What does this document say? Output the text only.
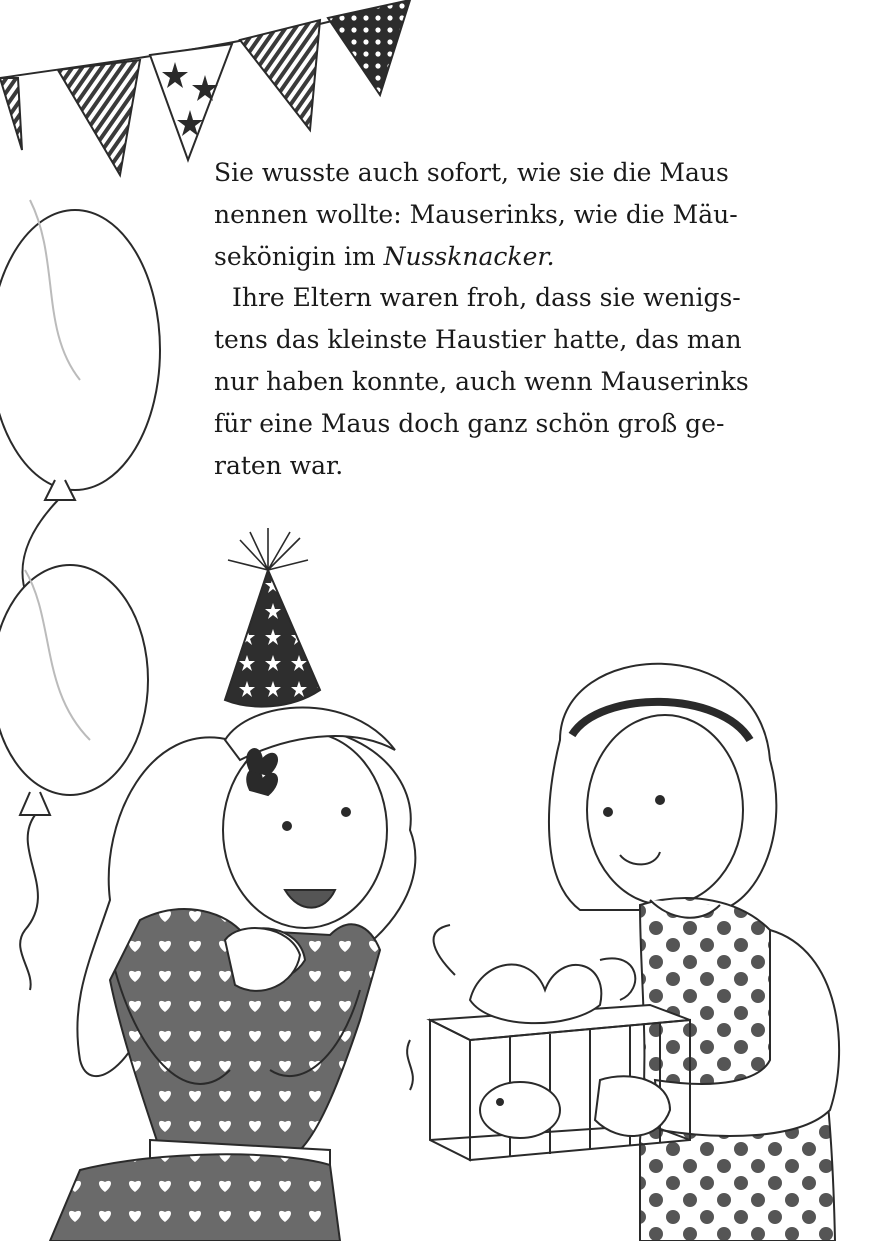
Sie wusste auch sofort, wie sie die Maus
nennen wollte: Mauserinks, wie die Mäu-
sekönigin im Nussknacker.
Ihre Eltern waren froh, dass sie wenigs-
tens das kleinste Haustier hatte, das man
nur haben konnte, auch wenn Mauserinks
für eine Maus doch ganz schön groß ge-
raten war.
